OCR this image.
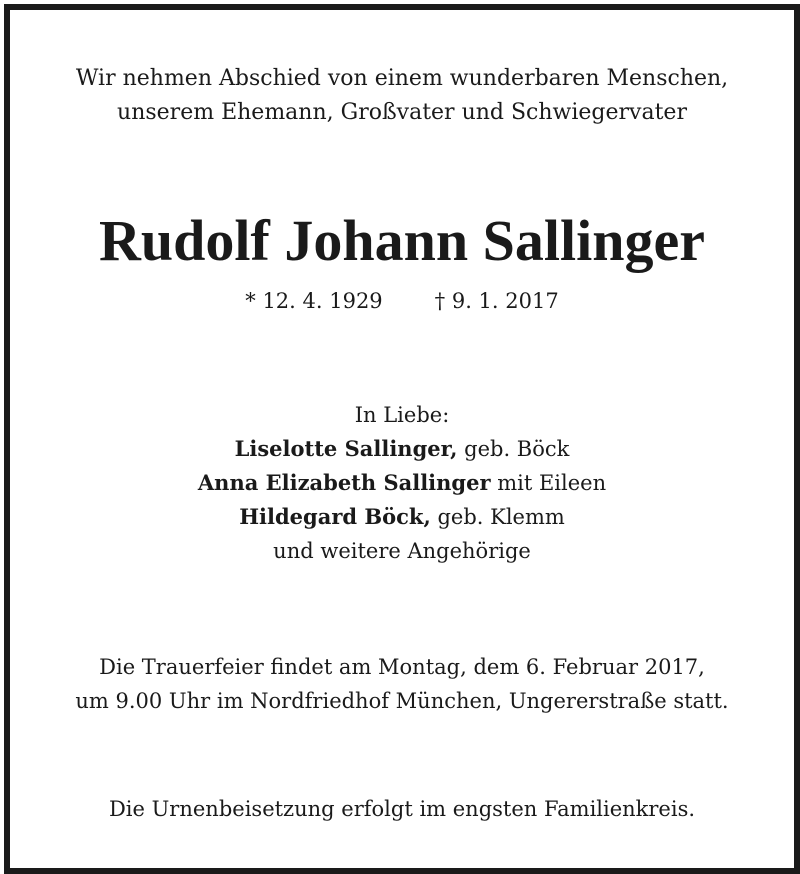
Wir nehmen Abschied von einem wunderbaren Menschen,
unserem Ehemann, Großvater und Schwiegervater
Rudolf Johann Sallinger
* 12. 4. 1929 † 9. 1. 2017
In Liebe:
Liselotte Sallinger, geb. Böck
Anna Elizabeth Sallinger mit Eileen
Hildegard Böck, geb. Klemm
und weitere Angehörige
Die Trauerfeier findet am Montag, dem 6. Februar 2017,
um 9.00 Uhr im Nordfriedhof München, Ungererstraße statt.
Die Urnenbeisetzung erfolgt im engsten Familienkreis.
